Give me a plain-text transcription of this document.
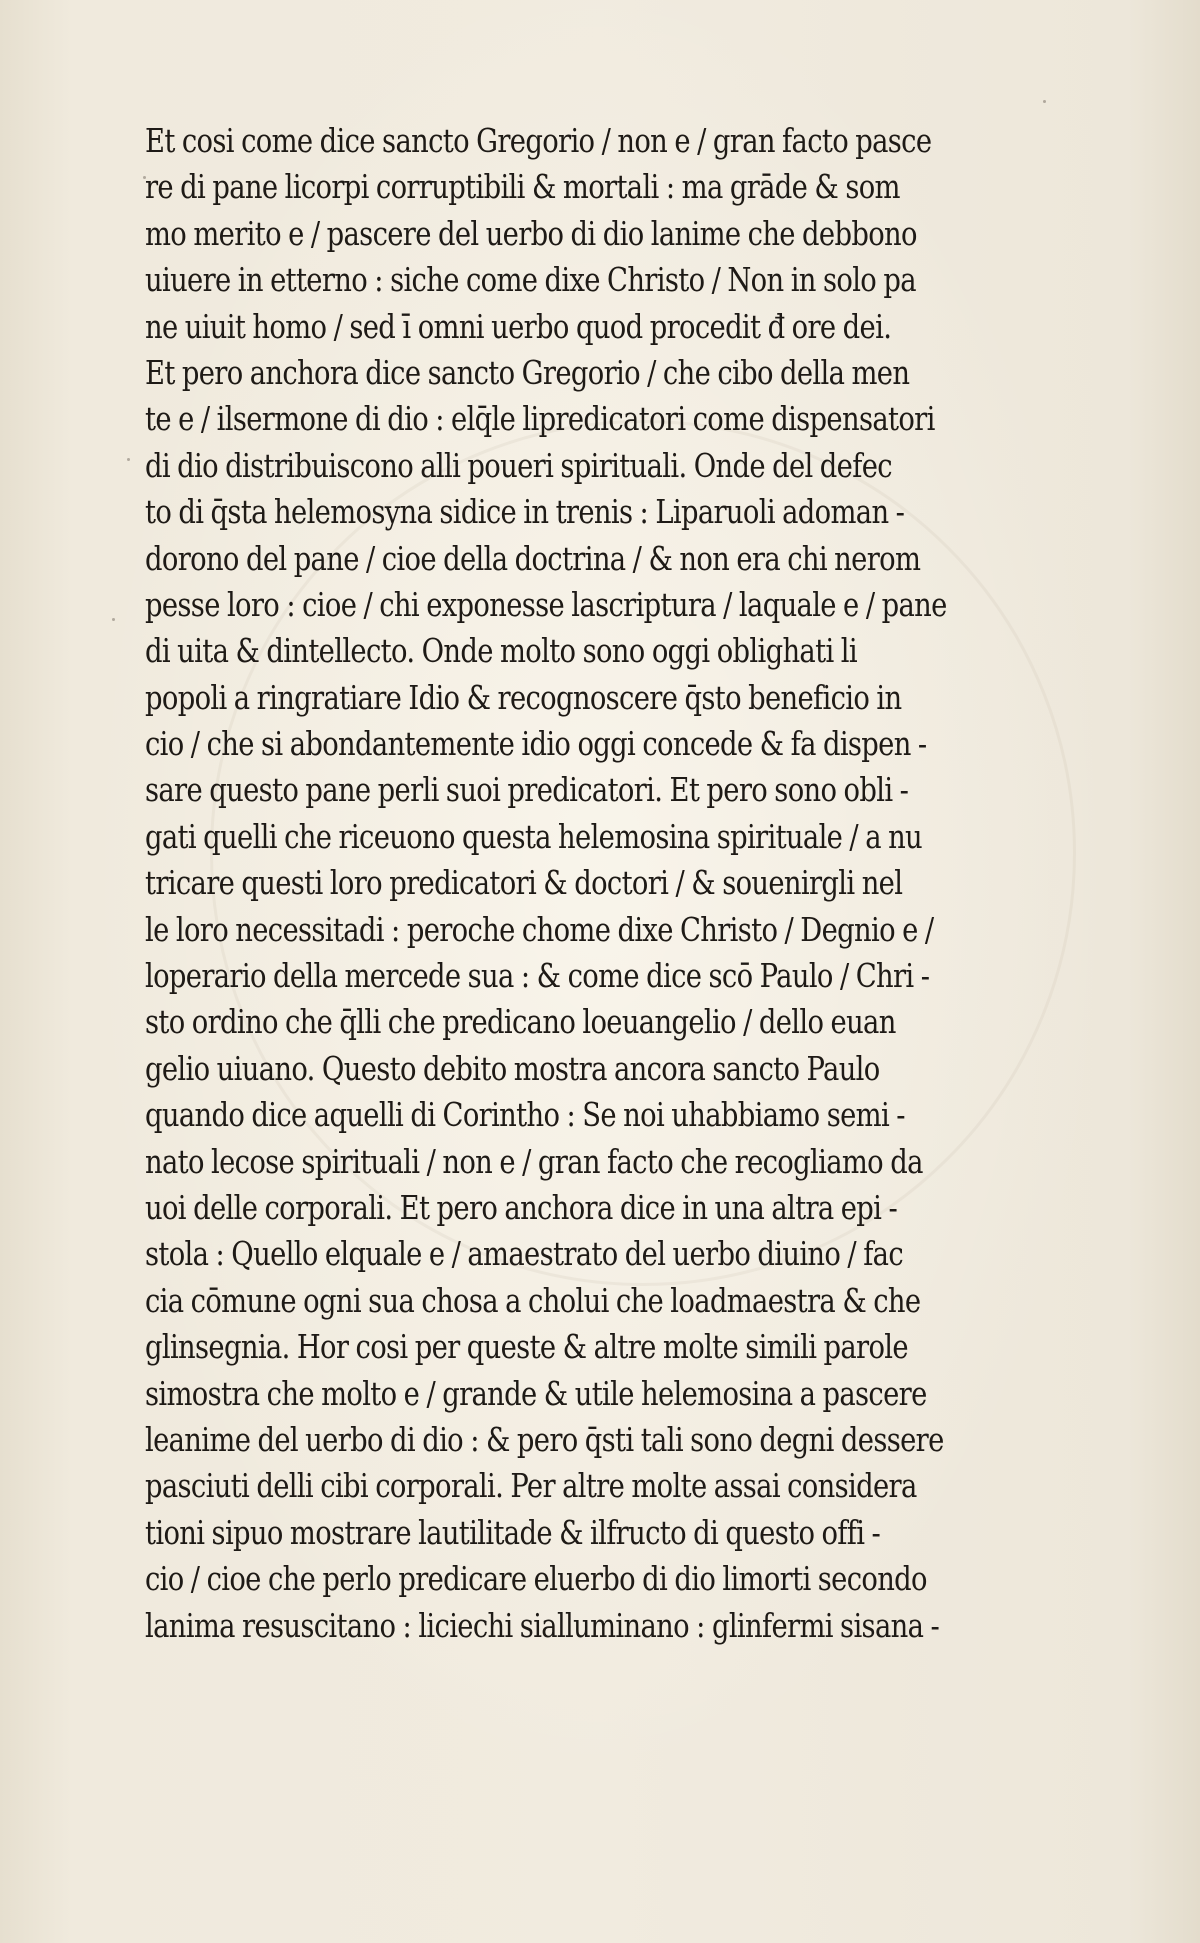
Et cosi come dice sancto Gregorio / non e / gran facto pasce
re di pane licorpi corruptibili & mortali : ma grāde & som
mo merito e / pascere del uerbo di dio lanime che debbono
uiuere in etterno : siche come dixe Christo / Non in solo pa
ne uiuit homo / sed ī omni uerbo quod procedit đ ore dei.
Et pero anchora dice sancto Gregorio / che cibo della men
te e / ilsermone di dio : elq̄le lipredicatori come dispensatori
di dio distribuiscono alli poueri spirituali. Onde del defec
to di q̄sta helemosyna sidice in trenis : Liparuoli adoman -
dorono del pane / cioe della doctrina / & non era chi nerom
pesse loro : cioe / chi exponesse lascriptura / laquale e / pane
di uita & dintellecto. Onde molto sono oggi oblighati li
popoli a ringratiare Idio & recognoscere q̄sto beneficio in
cio / che si abondantemente idio oggi concede & fa dispen -
sare questo pane perli suoi predicatori. Et pero sono obli -
gati quelli che riceuono questa helemosina spirituale / a nu
tricare questi loro predicatori & doctori / & souenirgli nel
le loro necessitadi : peroche chome dixe Christo / Degnio e /
loperario della mercede sua : & come dice scō Paulo / Chri -
sto ordino che q̄lli che predicano loeuangelio / dello euan
gelio uiuano. Questo debito mostra ancora sancto Paulo
quando dice aquelli di Corintho : Se noi uhabbiamo semi -
nato lecose spirituali / non e / gran facto che recogliamo da
uoi delle corporali. Et pero anchora dice in una altra epi -
stola : Quello elquale e / amaestrato del uerbo diuino / fac
cia cōmune ogni sua chosa a cholui che loadmaestra & che
glinsegnia. Hor cosi per queste & altre molte simili parole
simostra che molto e / grande & utile helemosina a pascere
leanime del uerbo di dio : & pero q̄sti tali sono degni dessere
pasciuti delli cibi corporali. Per altre molte assai considera
tioni sipuo mostrare lautilitade & ilfructo di questo offi -
cio / cioe che perlo predicare eluerbo di dio limorti secondo
lanima resuscitano : liciechi sialluminano : glinfermi sisana -
